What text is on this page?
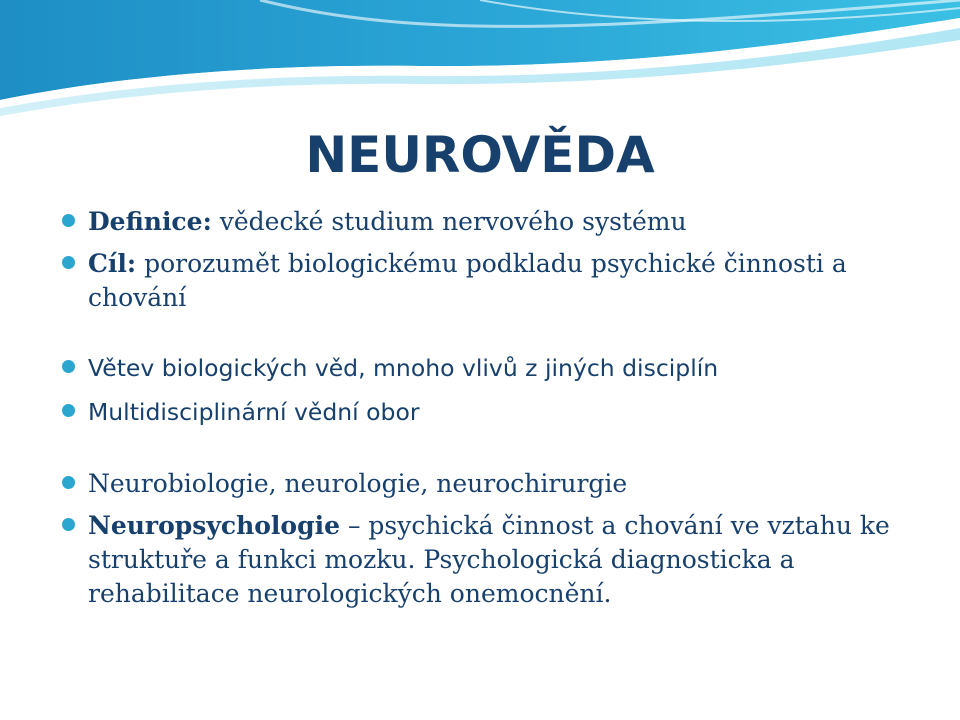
NEUROVĚDA
Definice: vědecké studium nervového systému
Cíl: porozumět biologickému podkladu psychické činnosti a chování
Větev biologických věd, mnoho vlivů z jiných disciplín
Multidisciplinární vědní obor
Neurobiologie, neurologie, neurochirurgie
Neuropsychologie – psychická činnost a chování ve vztahu ke struktuře a funkci mozku. Psychologická diagnosticka a rehabilitace neurologických onemocnění.
